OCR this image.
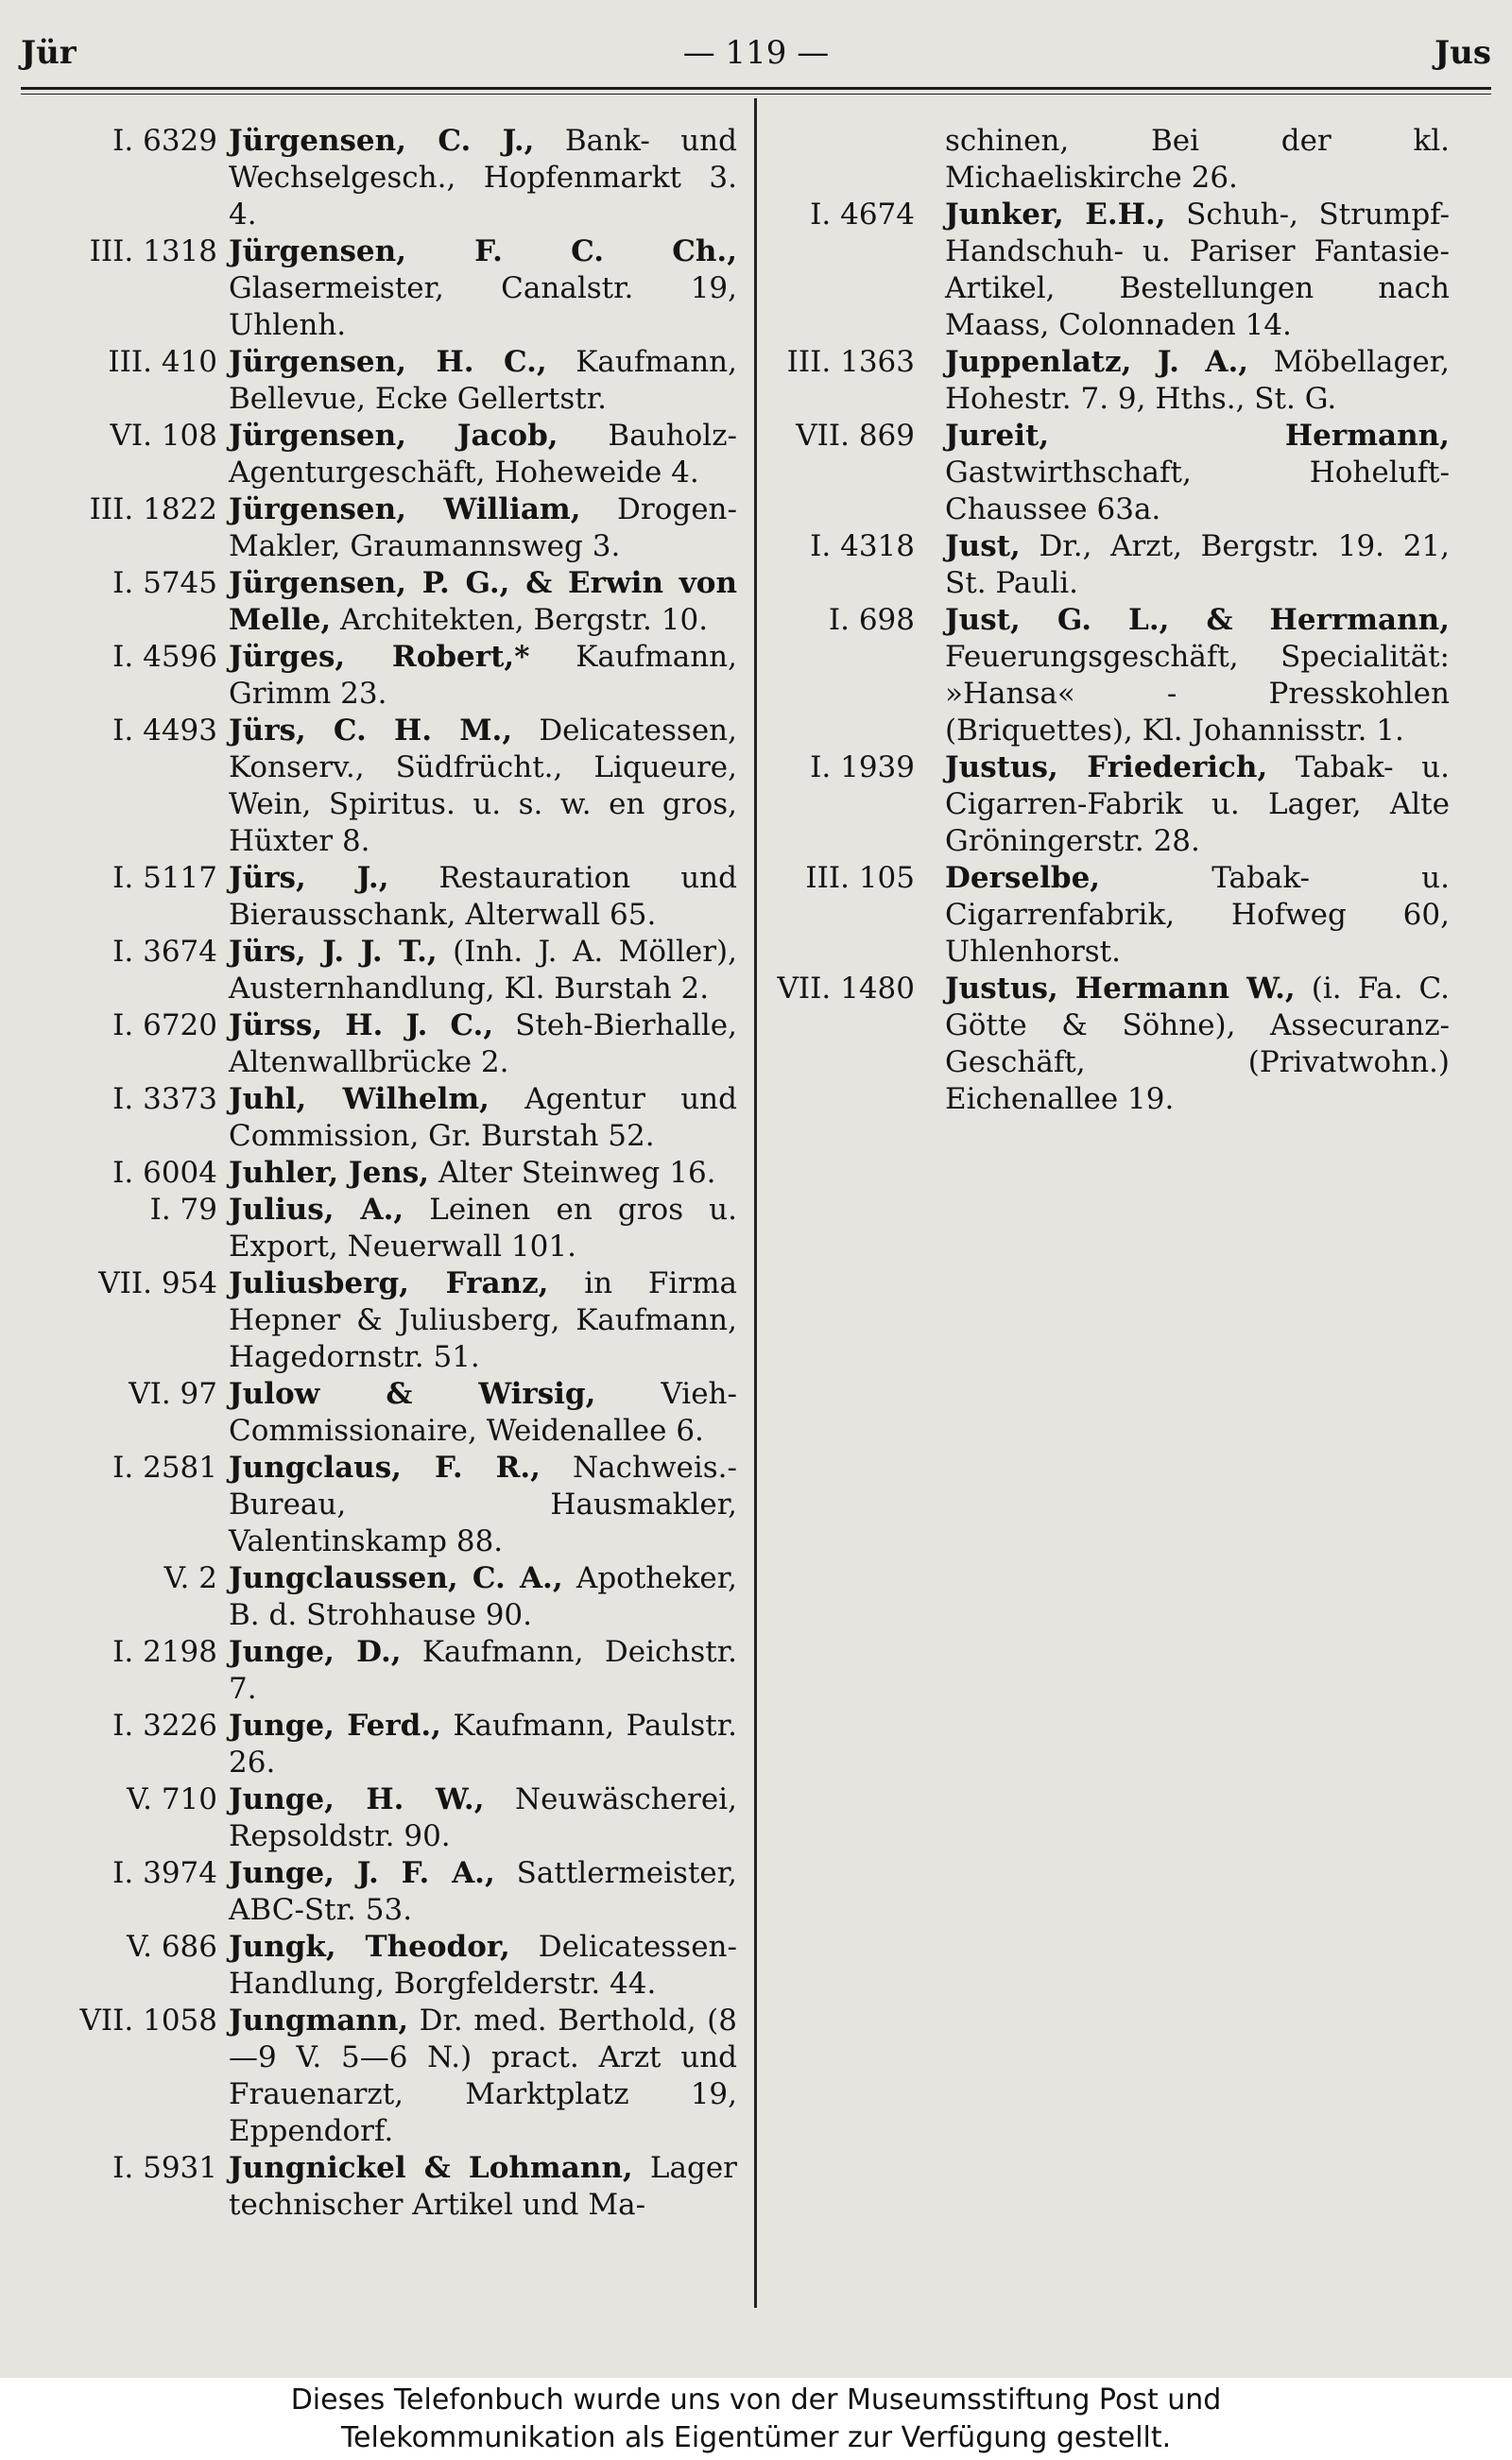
Jür	— 119 —	Jus
I. 6329 Jürgensen, C. J., Bank- und Wechselgesch., Hopfenmarkt 3. 4.
III. 1318 Jürgensen, F. C. Ch., Glasermeister, Canalstr. 19, Uhlenh.
III. 410 Jürgensen, H. C., Kaufmann, Bellevue, Ecke Gellertstr.
VI. 108 Jürgensen, Jacob, Bauholz-Agenturgeschäft, Hoheweide 4.
III. 1822 Jürgensen, William, Drogen-Makler, Graumannsweg 3.
I. 5745 Jürgensen, P. G., & Erwin von Melle, Architekten, Bergstr. 10.
I. 4596 Jürges, Robert,* Kaufmann, Grimm 23.
I. 4493 Jürs, C. H. M., Delicatessen, Konserv., Südfrücht., Liqueure, Wein, Spiritus. u. s. w. en gros, Hüxter 8.
I. 5117 Jürs, J., Restauration und Bierausschank, Alterwall 65.
I. 3674 Jürs, J. J. T., (Inh. J. A. Möller), Austernhandlung, Kl. Burstah 2.
I. 6720 Jürss, H. J. C., Steh-Bierhalle, Altenwallbrücke 2.
I. 3373 Juhl, Wilhelm, Agentur und Commission, Gr. Burstah 52.
I. 6004 Juhler, Jens, Alter Steinweg 16.
I. 79 Julius, A., Leinen en gros u. Export, Neuerwall 101.
VII. 954 Juliusberg, Franz, in Firma Hepner & Juliusberg, Kaufmann, Hagedornstr. 51.
VI. 97 Julow & Wirsig, Vieh-Commissionaire, Weidenallee 6.
I. 2581 Jungclaus, F. R., Nachweis.-Bureau, Hausmakler, Valentinskamp 88.
V. 2 Jungclaussen, C. A., Apotheker, B. d. Strohhause 90.
I. 2198 Junge, D., Kaufmann, Deichstr. 7.
I. 3226 Junge, Ferd., Kaufmann, Paulstr. 26.
V. 710 Junge, H. W., Neuwäscherei, Repsoldstr. 90.
I. 3974 Junge, J. F. A., Sattlermeister, ABC-Str. 53.
V. 686 Jungk, Theodor, Delicatessen-Handlung, Borgfelderstr. 44.
VII. 1058 Jungmann, Dr. med. Berthold, (8—9 V. 5—6 N.) pract. Arzt und Frauenarzt, Marktplatz 19, Eppendorf.
I. 5931 Jungnickel & Lohmann, Lager technischer Artikel und Ma-
schinen, Bei der kl. Michaeliskirche 26.
I. 4674 Junker, E.H., Schuh-, Strumpf-Handschuh- u. Pariser Fantasie-Artikel, Bestellungen nach Maass, Colonnaden 14.
III. 1363 Juppenlatz, J. A., Möbellager, Hohestr. 7. 9, Hths., St. G.
VII. 869 Jureit, Hermann, Gastwirthschaft, Hoheluft-Chaussee 63a.
I. 4318 Just, Dr., Arzt, Bergstr. 19. 21, St. Pauli.
I. 698 Just, G. L., & Herrmann, Feuerungsgeschäft, Specialität: »Hansa« - Presskohlen (Briquettes), Kl. Johannisstr. 1.
I. 1939 Justus, Friederich, Tabak- u. Cigarren-Fabrik u. Lager, Alte Gröningerstr. 28.
III. 105 Derselbe, Tabak- u. Cigarrenfabrik, Hofweg 60, Uhlenhorst.
VII. 1480 Justus, Hermann W., (i. Fa. C. Götte & Söhne), Assecuranz-Geschäft, (Privatwohn.) Eichenallee 19.
Dieses Telefonbuch wurde uns von der Museumsstiftung Post und
Telekommunikation als Eigentümer zur Verfügung gestellt.
